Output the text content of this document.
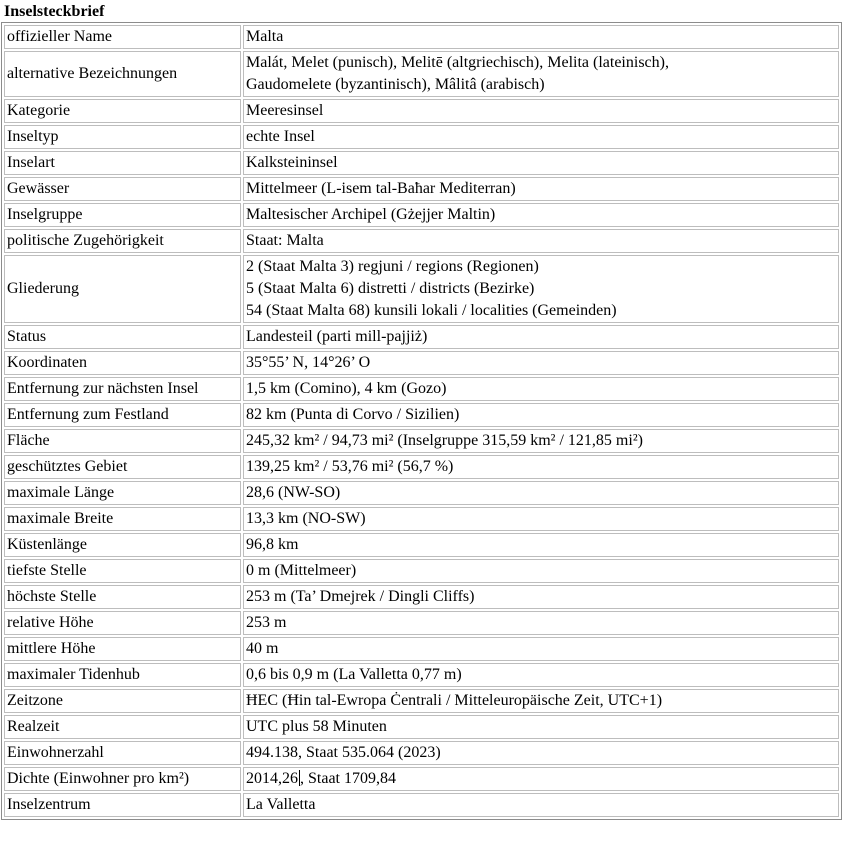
Inselsteckbrief
offizieller Name	Malta
alternative Bezeichnungen	Malát, Melet (punisch), Melitē (altgriechisch), Melita (lateinisch),
Gaudomelete (byzantinisch), Mâlitâ (arabisch)

Kategorie	Meeresinsel
Inseltyp	echte Insel
Inselart	Kalksteininsel
Gewässer	Mittelmeer (L-isem tal-Baħar Mediterran)
Inselgruppe	Maltesischer Archipel (Gżejjer Maltin)
politische Zugehörigkeit	Staat: Malta
Gliederung	2 (Staat Malta 3) regjuni / regions (Regionen)
5 (Staat Malta 6) distretti / districts (Bezirke)
54 (Staat Malta 68) kunsili lokali / localities (Gemeinden)

Status	Landesteil (parti mill-pajjiż)
Koordinaten	35°55’ N, 14°26’ O
Entfernung zur nächsten Insel	1,5 km (Comino), 4 km (Gozo)
Entfernung zum Festland	82 km (Punta di Corvo / Sizilien)
Fläche	245,32 km² / 94,73 mi² (Inselgruppe 315,59 km² / 121,85 mi²)
geschütztes Gebiet	139,25 km² / 53,76 mi² (56,7 %)
maximale Länge	28,6 (NW-SO)
maximale Breite	13,3 km (NO-SW)
Küstenlänge	96,8 km
tiefste Stelle	0 m (Mittelmeer)
höchste Stelle	253 m (Ta’ Dmejrek / Dingli Cliffs)
relative Höhe	253 m
mittlere Höhe	40 m
maximaler Tidenhub	0,6 bis 0,9 m (La Valletta 0,77 m)
Zeitzone	ĦEC (Ħin tal-Ewropa Ċentrali / Mitteleuropäische Zeit, UTC+1)
Realzeit	UTC plus 58 Minuten
Einwohnerzahl	494.138, Staat 535.064 (2023)
Dichte (Einwohner pro km²)	2014,26 , Staat 1709,84
Inselzentrum	La Valletta
